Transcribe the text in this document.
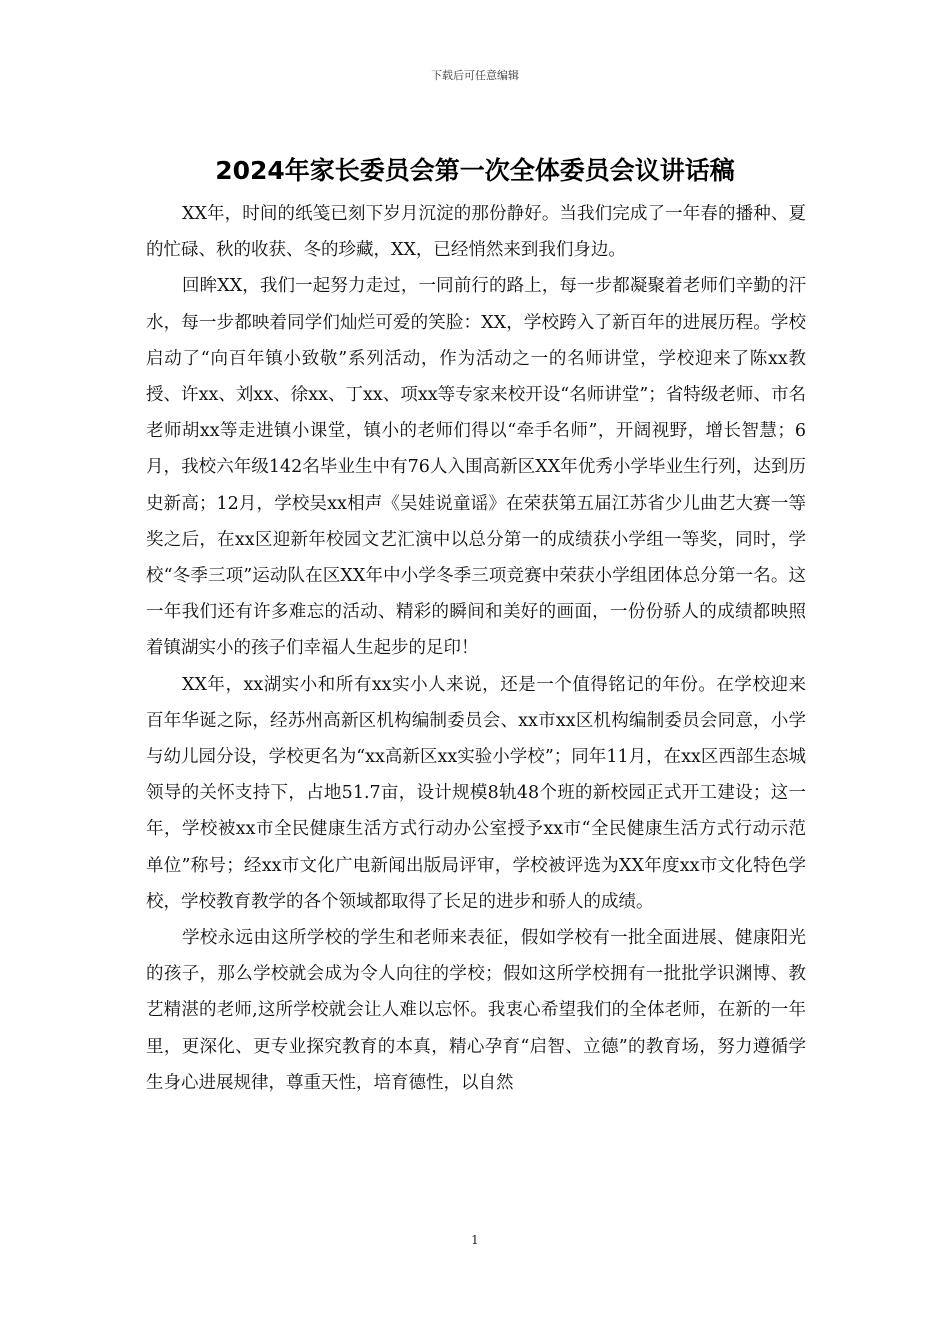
下载后可任意编辑
2024年家长委员会第一次全体委员会议讲话稿

XX年，时间的纸笺已刻下岁月沉淀的那份静好。当我们完成了一年春的播种、夏的忙碌、秋的收获、冬的珍藏，XX，已经悄然来到我们身边。

回眸XX，我们一起努力走过，一同前行的路上，每一步都凝聚着老师们辛勤的汗水，每一步都映着同学们灿烂可爱的笑脸：XX，学校跨入了新百年的进展历程。学校启动了“向百年镇小致敬”系列活动，作为活动之一的名师讲堂，学校迎来了陈xx教授、许xx、刘xx、徐xx、丁xx、项xx等专家来校开设“名师讲堂”；省特级老师、市名老师胡xx等走进镇小课堂，镇小的老师们得以“牵手名师”，开阔视野，增长智慧；6月，我校六年级142名毕业生中有76人入围高新区XX年优秀小学毕业生行列，达到历史新高；12月，学校吴xx相声《吴娃说童谣》在荣获第五届江苏省少儿曲艺大赛一等奖之后，在xx区迎新年校园文艺汇演中以总分第一的成绩获小学组一等奖，同时，学校“冬季三项”运动队在区XX年中小学冬季三项竞赛中荣获小学组团体总分第一名。这一年我们还有许多难忘的活动、精彩的瞬间和美好的画面，一份份骄人的成绩都映照着镇湖实小的孩子们幸福人生起步的足印！

XX年，xx湖实小和所有xx实小人来说，还是一个值得铭记的年份。在学校迎来百年华诞之际，经苏州高新区机构编制委员会、xx市xx区机构编制委员会同意，小学与幼儿园分设，学校更名为“xx高新区xx实验小学校”；同年11月，在xx区西部生态城领导的关怀支持下，占地51.7亩，设计规模8轨48个班的新校园正式开工建设；这一年，学校被xx市全民健康生活方式行动办公室授予xx市“全民健康生活方式行动示范单位”称号；经xx市文化广电新闻出版局评审，学校被评选为XX年度xx市文化特色学校，学校教育教学的各个领域都取得了长足的进步和骄人的成绩。

学校永远由这所学校的学生和老师来表征，假如学校有一批全面进展、健康阳光的孩子，那么学校就会成为令人向往的学校；假如这所学校拥有一批批学识渊博、教艺精湛的老师,这所学校就会让人难以忘怀。我衷心希望我们的全体老师，在新的一年里，更深化、更专业探究教育的本真，精心孕育“启智、立德”的教育场，努力遵循学生身心进展规律，尊重天性，培育德性，以自然

1
